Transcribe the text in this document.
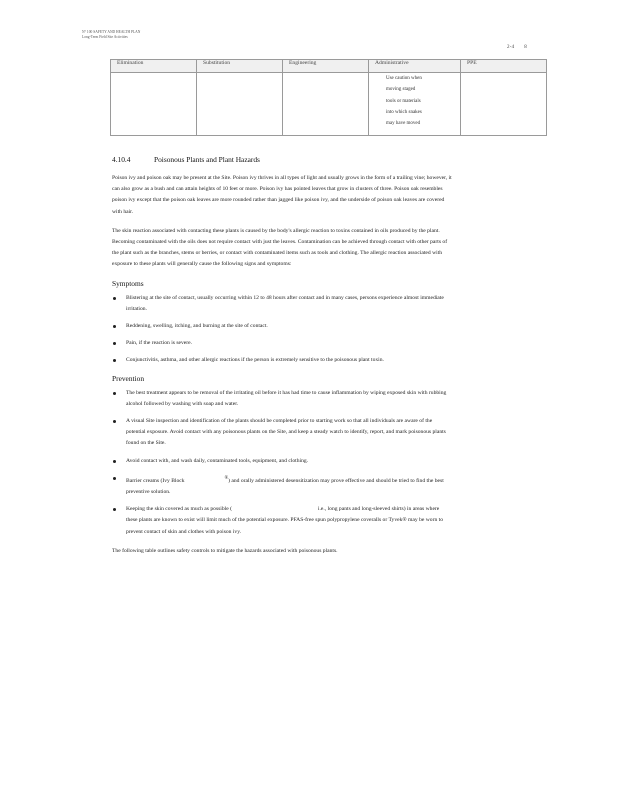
N° 100 SAFETY AND HEALTH PLAN
Long-Term Field Site Activities
2-4 8
Elimination	Substitution	Engineering	Administrative	PPE

			Use caution when
moving staged
tools or materials
into which snakes
may have moved	

4.10.4	Poisonous Plants and Plant Hazards

Poison ivy and poison oak may be present at the Site. Poison ivy thrives in all types of light and usually grows in the form of a trailing vine; however, it can also grow as a bush and can attain heights of 10 feet or more. Poison ivy has pointed leaves that grow in clusters of three. Poison oak resembles poison ivy except that the poison oak leaves are more rounded rather than jagged like poison ivy, and the underside of poison oak leaves are covered with hair.

The skin reaction associated with contacting these plants is caused by the body's allergic reaction to toxins contained in oils produced by the plant. Becoming contaminated with the oils does not require contact with just the leaves. Contamination can be achieved through contact with other parts of the plant such as the branches, stems or berries, or contact with contaminated items such as tools and clothing. The allergic reaction associated with exposure to these plants will generally cause the following signs and symptoms:

Symptoms
Blistering at the site of contact, usually occurring within 12 to 48 hours after contact and in many cases, persons experience almost immediate irritation.
Reddening, swelling, itching, and burning at the site of contact.
Pain, if the reaction is severe.
Conjunctivitis, asthma, and other allergic reactions if the person is extremely sensitive to the poisonous plant toxin.
Prevention
The best treatment appears to be removal of the irritating oil before it has had time to cause inflammation by wiping exposed skin with rubbing alcohol followed by washing with soap and water.
A visual Site inspection and identification of the plants should be completed prior to starting work so that all individuals are aware of the potential exposure. Avoid contact with any poisonous plants on the Site, and keep a steady watch to identify, report, and mark poisonous plants found on the Site.
Avoid contact with, and wash daily, contaminated tools, equipment, and clothing.
Barrier creams (Ivy Block	®) and orally administered desensitization may prove effective and should be tried to find the best preventive solution.
Keeping the skin covered as much as possible (	i.e., long pants and long-sleeved shirts) in areas where these plants are known to exist will limit much of the potential exposure. PFAS-free spun polypropylene coveralls or Tyvek® may be worn to prevent contact of skin and clothes with poison ivy.

The following table outlines safety controls to mitigate the hazards associated with poisonous plants.
